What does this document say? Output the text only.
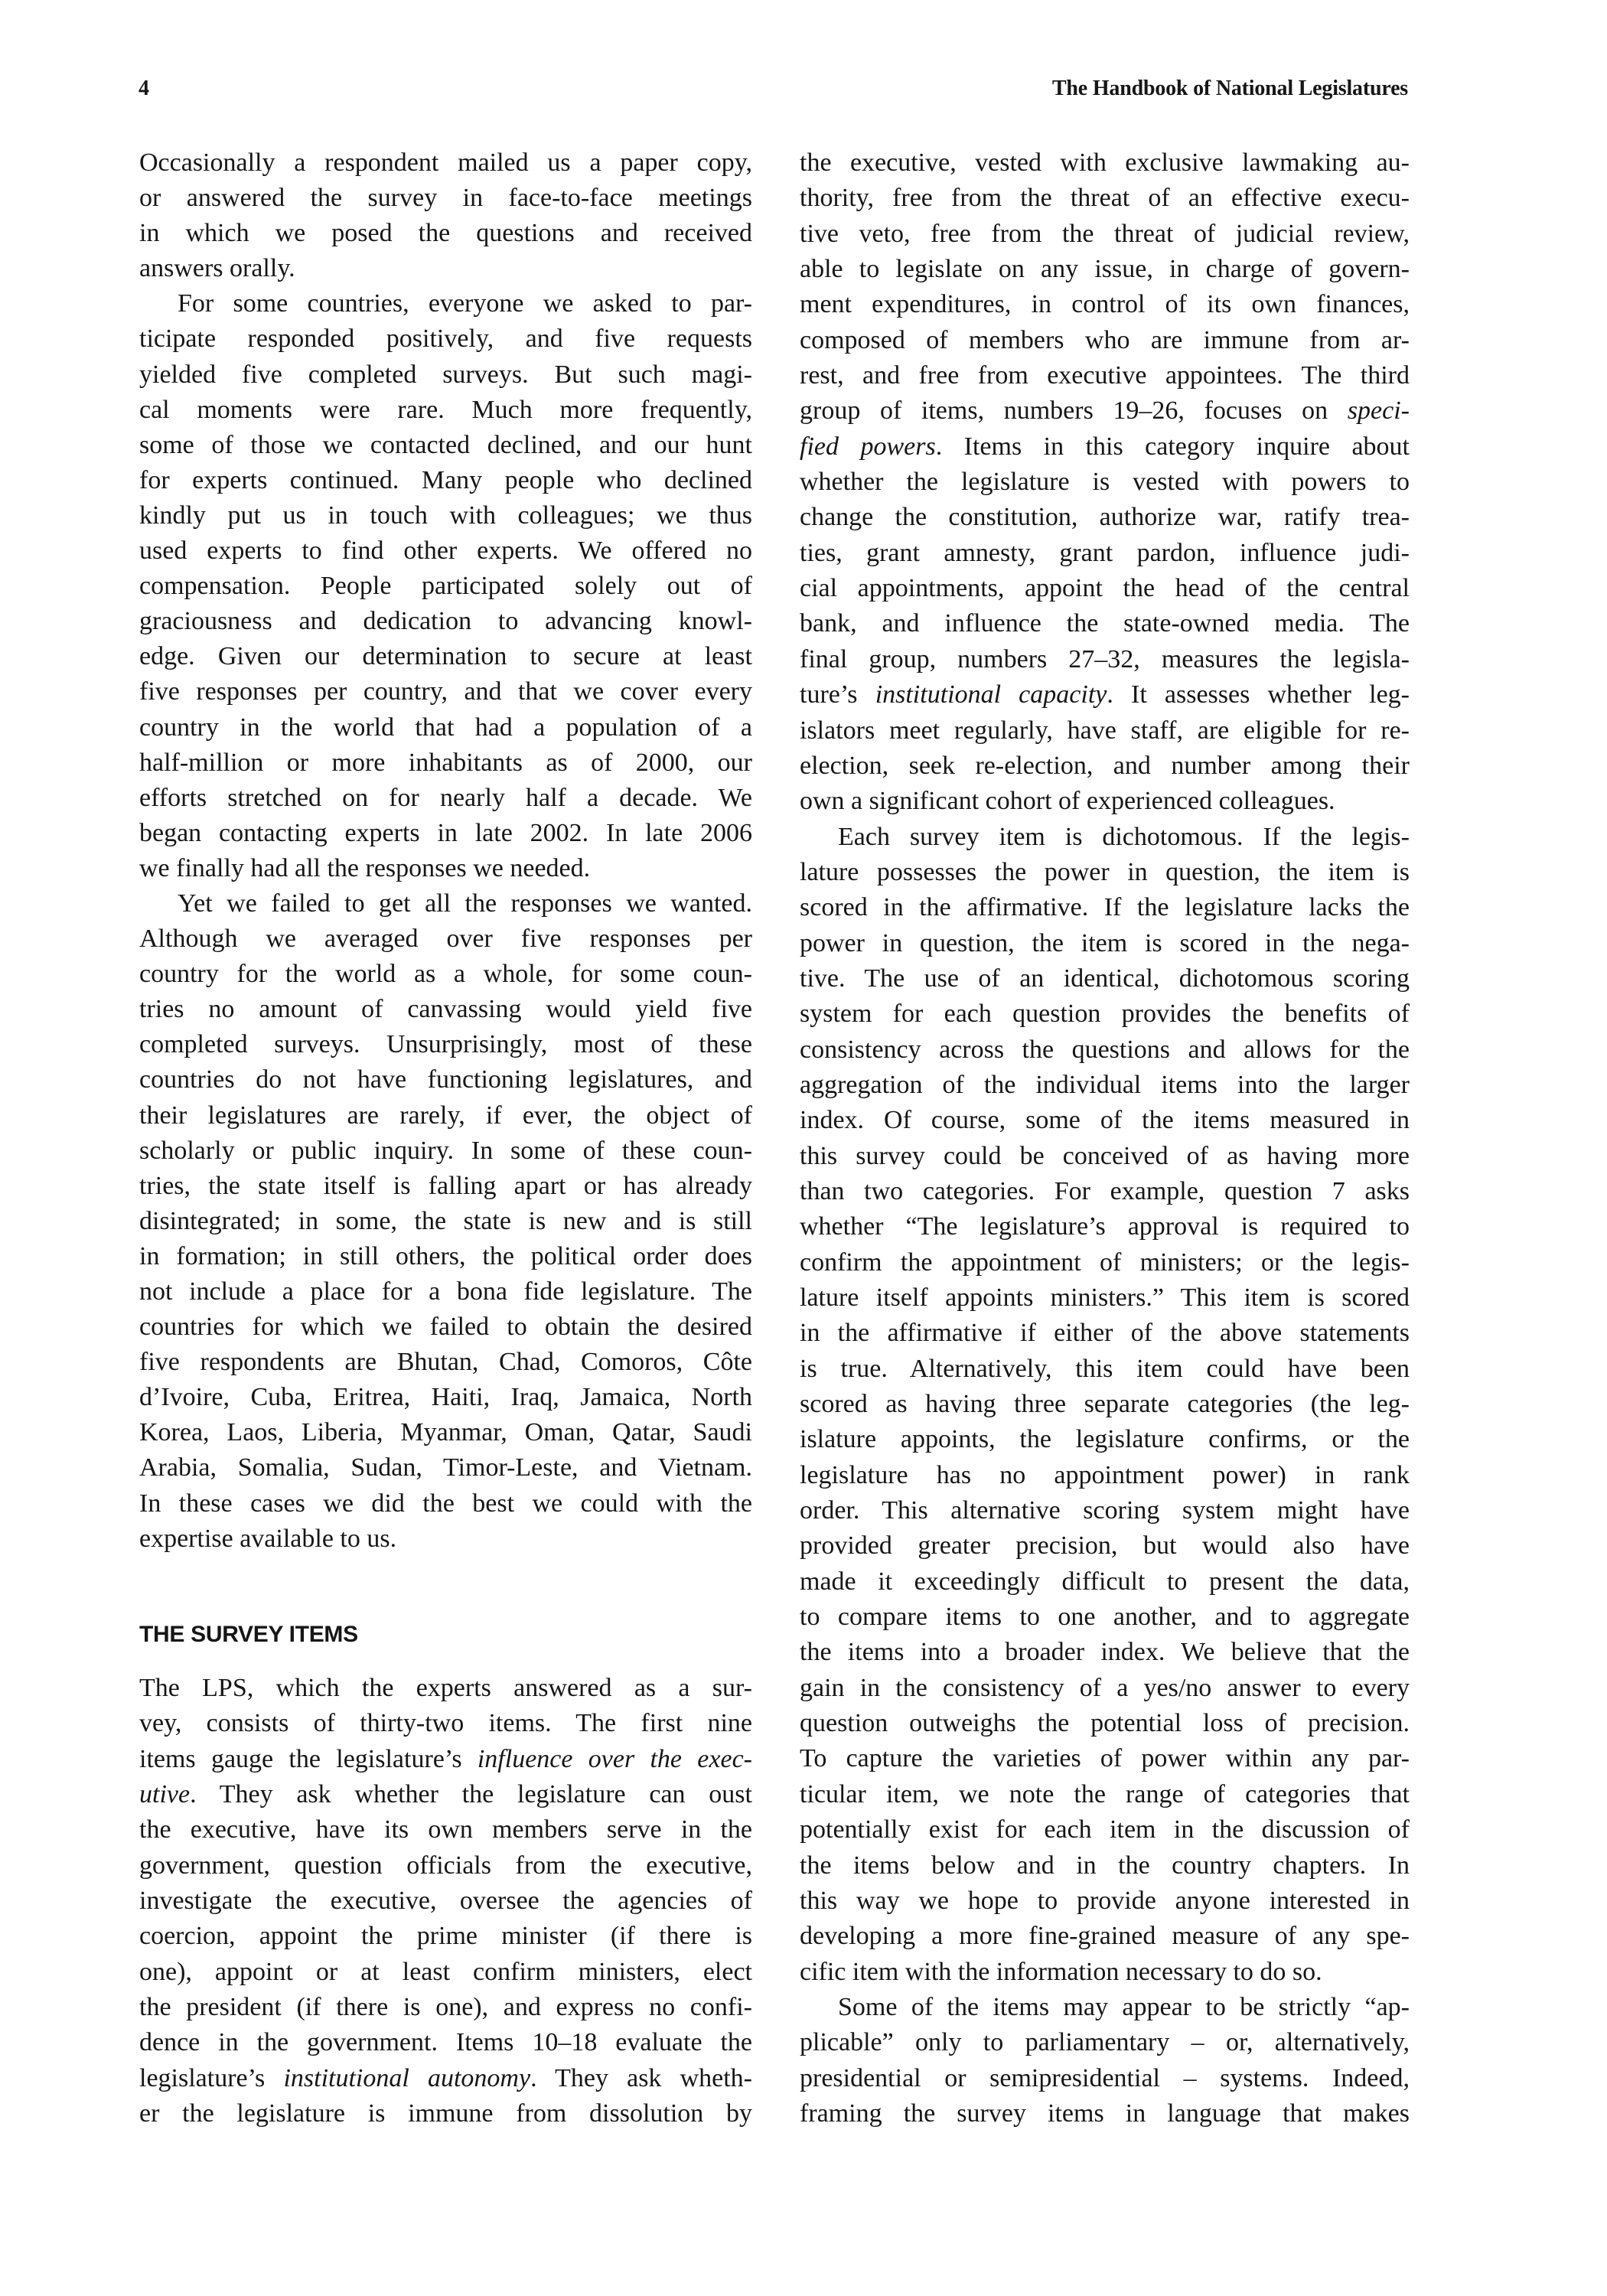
4	The Handbook of National Legislatures
Occasionally a respondent mailed us a paper copy,
or answered the survey in face-to-face meetings
in which we posed the questions and received
answers orally.
For some countries, everyone we asked to par-
ticipate responded positively, and five requests
yielded five completed surveys. But such magi-
cal moments were rare. Much more frequently,
some of those we contacted declined, and our hunt
for experts continued. Many people who declined
kindly put us in touch with colleagues; we thus
used experts to find other experts. We offered no
compensation. People participated solely out of
graciousness and dedication to advancing knowl-
edge. Given our determination to secure at least
five responses per country, and that we cover every
country in the world that had a population of a
half-million or more inhabitants as of 2000, our
efforts stretched on for nearly half a decade. We
began contacting experts in late 2002. In late 2006
we finally had all the responses we needed.
Yet we failed to get all the responses we wanted.
Although we averaged over five responses per
country for the world as a whole, for some coun-
tries no amount of canvassing would yield five
completed surveys. Unsurprisingly, most of these
countries do not have functioning legislatures, and
their legislatures are rarely, if ever, the object of
scholarly or public inquiry. In some of these coun-
tries, the state itself is falling apart or has already
disintegrated; in some, the state is new and is still
in formation; in still others, the political order does
not include a place for a bona fide legislature. The
countries for which we failed to obtain the desired
five respondents are Bhutan, Chad, Comoros, Côte
d’Ivoire, Cuba, Eritrea, Haiti, Iraq, Jamaica, North
Korea, Laos, Liberia, Myanmar, Oman, Qatar, Saudi
Arabia, Somalia, Sudan, Timor-Leste, and Vietnam.
In these cases we did the best we could with the
expertise available to us.
THE SURVEY ITEMS
The LPS, which the experts answered as a sur-
vey, consists of thirty-two items. The first nine
items gauge the legislature’s influence over the exec-
utive. They ask whether the legislature can oust
the executive, have its own members serve in the
government, question officials from the executive,
investigate the executive, oversee the agencies of
coercion, appoint the prime minister (if there is
one), appoint or at least confirm ministers, elect
the president (if there is one), and express no confi-
dence in the government. Items 10–18 evaluate the
legislature’s institutional autonomy. They ask wheth-
er the legislature is immune from dissolution by
the executive, vested with exclusive lawmaking au-
thority, free from the threat of an effective execu-
tive veto, free from the threat of judicial review,
able to legislate on any issue, in charge of govern-
ment expenditures, in control of its own finances,
composed of members who are immune from ar-
rest, and free from executive appointees. The third
group of items, numbers 19–26, focuses on speci-
fied powers. Items in this category inquire about
whether the legislature is vested with powers to
change the constitution, authorize war, ratify trea-
ties, grant amnesty, grant pardon, influence judi-
cial appointments, appoint the head of the central
bank, and influence the state-owned media. The
final group, numbers 27–32, measures the legisla-
ture’s institutional capacity. It assesses whether leg-
islators meet regularly, have staff, are eligible for re-
election, seek re-election, and number among their
own a significant cohort of experienced colleagues.
Each survey item is dichotomous. If the legis-
lature possesses the power in question, the item is
scored in the affirmative. If the legislature lacks the
power in question, the item is scored in the nega-
tive. The use of an identical, dichotomous scoring
system for each question provides the benefits of
consistency across the questions and allows for the
aggregation of the individual items into the larger
index. Of course, some of the items measured in
this survey could be conceived of as having more
than two categories. For example, question 7 asks
whether “The legislature’s approval is required to
confirm the appointment of ministers; or the legis-
lature itself appoints ministers.” This item is scored
in the affirmative if either of the above statements
is true. Alternatively, this item could have been
scored as having three separate categories (the leg-
islature appoints, the legislature confirms, or the
legislature has no appointment power) in rank
order. This alternative scoring system might have
provided greater precision, but would also have
made it exceedingly difficult to present the data,
to compare items to one another, and to aggregate
the items into a broader index. We believe that the
gain in the consistency of a yes/no answer to every
question outweighs the potential loss of precision.
To capture the varieties of power within any par-
ticular item, we note the range of categories that
potentially exist for each item in the discussion of
the items below and in the country chapters. In
this way we hope to provide anyone interested in
developing a more fine-grained measure of any spe-
cific item with the information necessary to do so.
Some of the items may appear to be strictly “ap-
plicable” only to parliamentary – or, alternatively,
presidential or semipresidential – systems. Indeed,
framing the survey items in language that makes
